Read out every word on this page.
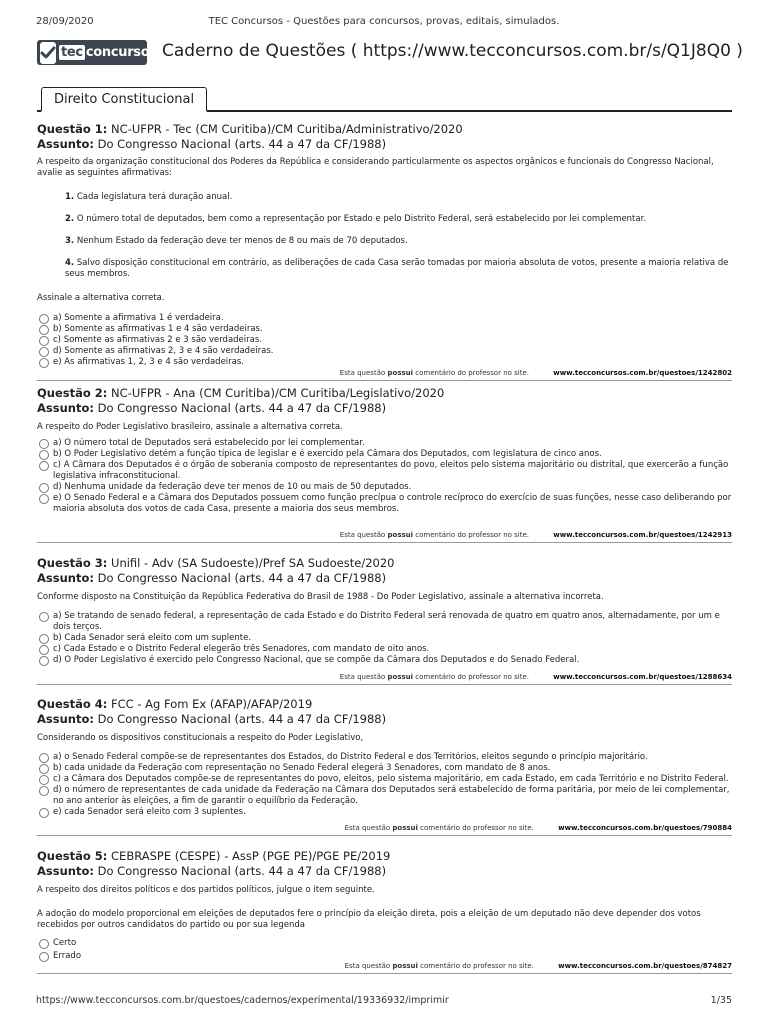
28/09/2020	TEC Concursos - Questões para concursos, provas, editais, simulados.
tec concursos Caderno de Questões ( https://www.tecconcursos.com.br/s/Q1J8Q0 )
Direito Constitucional
Questão 1: NC-UFPR - Tec (CM Curitiba)/CM Curitiba/Administrativo/2020
Assunto: Do Congresso Nacional (arts. 44 a 47 da CF/1988)

A respeito da organização constitucional dos Poderes da República e considerando particularmente os aspectos orgânicos e funcionais do Congresso Nacional, avalie as seguintes afirmativas:

1. Cada legislatura terá duração anual.

2. O número total de deputados, bem como a representação por Estado e pelo Distrito Federal, será estabelecido por lei complementar.

3. Nenhum Estado da federação deve ter menos de 8 ou mais de 70 deputados.

4. Salvo disposição constitucional em contrário, as deliberações de cada Casa serão tomadas por maioria absoluta de votos, presente a maioria relativa de seus membros.

Assinale a alternativa correta.

a) Somente a afirmativa 1 é verdadeira.
b) Somente as afirmativas 1 e 4 são verdadeiras.
c) Somente as afirmativas 2 e 3 são verdadeiras.
d) Somente as afirmativas 2, 3 e 4 são verdadeiras.
e) As afirmativas 1, 2, 3 e 4 são verdadeiras.
Esta questão possui comentário do professor no site.	www.tecconcursos.com.br/questoes/1242802
Questão 2: NC-UFPR - Ana (CM Curitiba)/CM Curitiba/Legislativo/2020
Assunto: Do Congresso Nacional (arts. 44 a 47 da CF/1988)

A respeito do Poder Legislativo brasileiro, assinale a alternativa correta.

a) O número total de Deputados será estabelecido por lei complementar.
b) O Poder Legislativo detém a função típica de legislar e é exercido pela Câmara dos Deputados, com legislatura de cinco anos.
c) A Câmara dos Deputados é o órgão de soberania composto de representantes do povo, eleitos pelo sistema majoritário ou distrital, que exercerão a função legislativa infraconstitucional.
d) Nenhuma unidade da federação deve ter menos de 10 ou mais de 50 deputados.
e) O Senado Federal e a Câmara dos Deputados possuem como função precípua o controle recíproco do exercício de suas funções, nesse caso deliberando por maioria absoluta dos votos de cada Casa, presente a maioria dos seus membros.
Esta questão possui comentário do professor no site.	www.tecconcursos.com.br/questoes/1242913
Questão 3: Unifil - Adv (SA Sudoeste)/Pref SA Sudoeste/2020
Assunto: Do Congresso Nacional (arts. 44 a 47 da CF/1988)

Conforme disposto na Constituição da República Federativa do Brasil de 1988 - Do Poder Legislativo, assinale a alternativa incorreta.

a) Se tratando de senado federal, a representação de cada Estado e do Distrito Federal será renovada de quatro em quatro anos, alternadamente, por um e dois terços.
b) Cada Senador será eleito com um suplente.
c) Cada Estado e o Distrito Federal elegerão três Senadores, com mandato de oito anos.
d) O Poder Legislativo é exercido pelo Congresso Nacional, que se compõe da Câmara dos Deputados e do Senado Federal.
Esta questão possui comentário do professor no site.	www.tecconcursos.com.br/questoes/1288634
Questão 4: FCC - Ag Fom Ex (AFAP)/AFAP/2019
Assunto: Do Congresso Nacional (arts. 44 a 47 da CF/1988)

Considerando os dispositivos constitucionais a respeito do Poder Legislativo,

a) o Senado Federal compõe-se de representantes dos Estados, do Distrito Federal e dos Territórios, eleitos segundo o princípio majoritário.
b) cada unidade da Federação com representação no Senado Federal elegerá 3 Senadores, com mandato de 8 anos.
c) a Câmara dos Deputados compõe-se de representantes do povo, eleitos, pelo sistema majoritário, em cada Estado, em cada Território e no Distrito Federal.
d) o número de representantes de cada unidade da Federação na Câmara dos Deputados será estabelecido de forma paritária, por meio de lei complementar, no ano anterior às eleições, a fim de garantir o equilíbrio da Federação.
e) cada Senador será eleito com 3 suplentes.
Esta questão possui comentário do professor no site.	www.tecconcursos.com.br/questoes/790884
Questão 5: CEBRASPE (CESPE) - AssP (PGE PE)/PGE PE/2019
Assunto: Do Congresso Nacional (arts. 44 a 47 da CF/1988)

A respeito dos direitos políticos e dos partidos políticos, julgue o item seguinte.

A adoção do modelo proporcional em eleições de deputados fere o princípio da eleição direta, pois a eleição de um deputado não deve depender dos votos recebidos por outros candidatos do partido ou por sua legenda

Certo
Errado
Esta questão possui comentário do professor no site.	www.tecconcursos.com.br/questoes/874827
https://www.tecconcursos.com.br/questoes/cadernos/experimental/19336932/imprimir	1/35
